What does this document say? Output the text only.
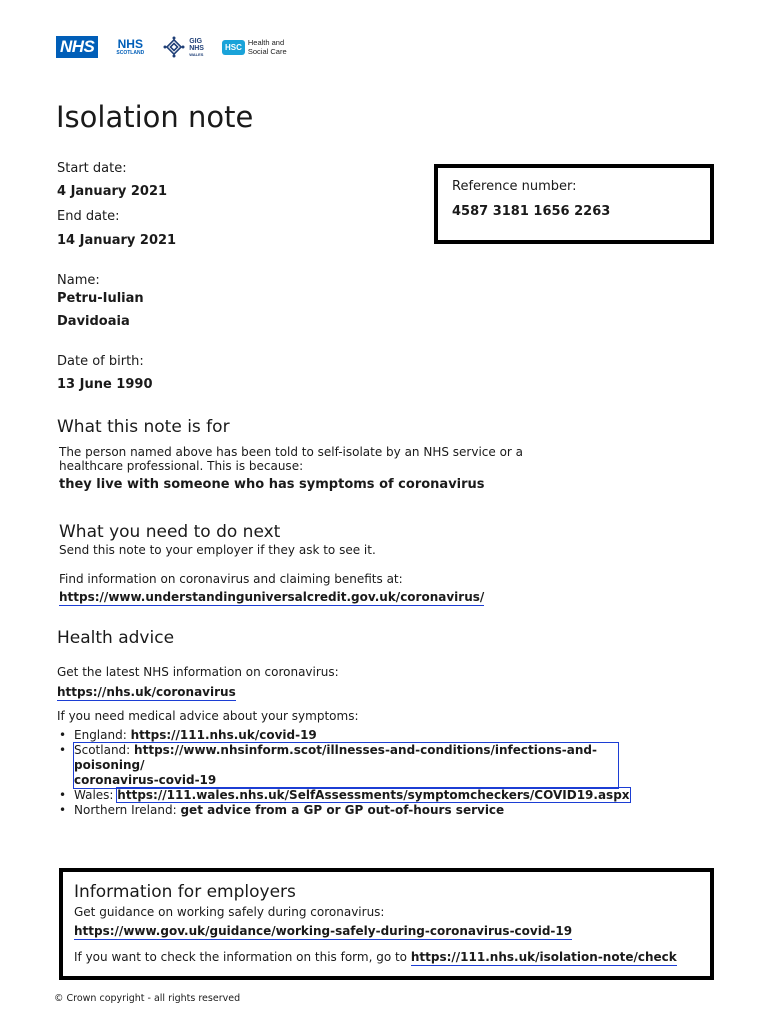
NHS	NHS
SCOTLAND
GIG
NHS
WALES
HSC Health and
Social Care
Isolation note
Start date:
4 January 2021
End date:
14 January 2021
Reference number:
4587 3181 1656 2263
Name:
Petru-Iulian
Davidoaia
Date of birth:
13 June 1990
What this note is for
The person named above has been told to self-isolate by an NHS service or a
healthcare professional. This is because:
they live with someone who has symptoms of coronavirus
What you need to do next
Send this note to your employer if they ask to see it.
Find information on coronavirus and claiming benefits at:
https://www.understandinguniversalcredit.gov.uk/coronavirus/
Health advice
Get the latest NHS information on coronavirus:
https://nhs.uk/coronavirus
If you need medical advice about your symptoms:
• England: https://111.nhs.uk/covid-19
• Scotland: https://www.nhsinform.scot/illnesses-and-conditions/infections-and-poisoning/
coronavirus-covid-19
• Wales: https://111.wales.nhs.uk/SelfAssessments/symptomcheckers/COVID19.aspx
• Northern Ireland: get advice from a GP or GP out-of-hours service
Information for employers
Get guidance on working safely during coronavirus:
https://www.gov.uk/guidance/working-safely-during-coronavirus-covid-19
If you want to check the information on this form, go to https://111.nhs.uk/isolation-note/check
© Crown copyright - all rights reserved
